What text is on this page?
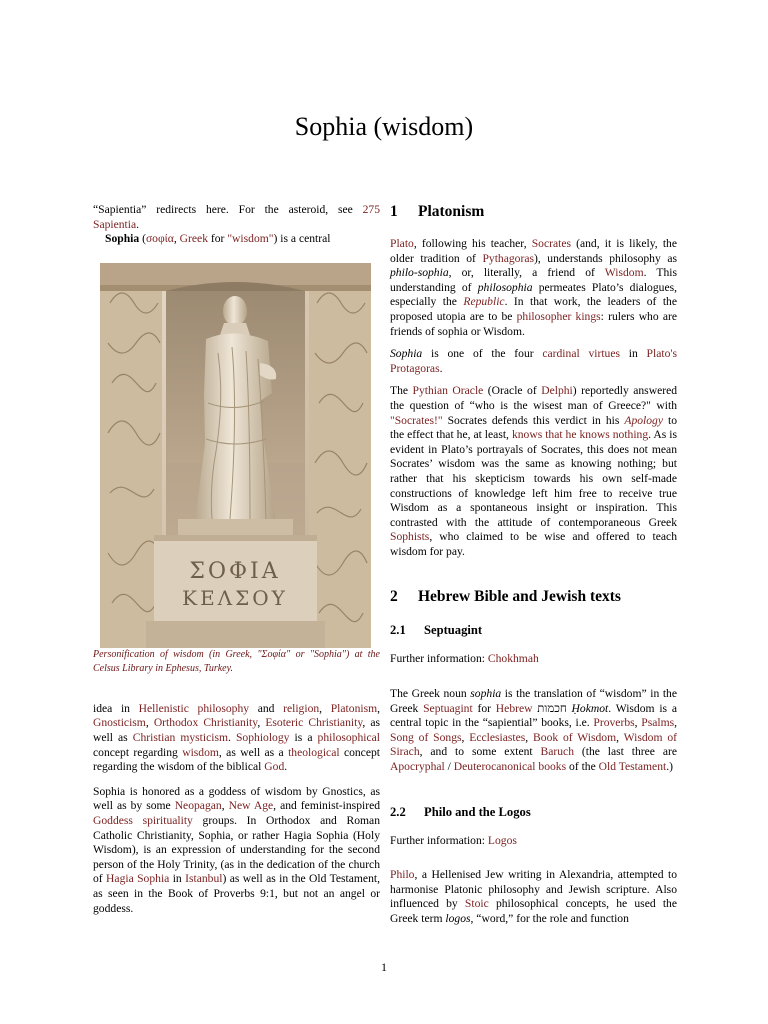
Sophia (wisdom)

“Sapientia” redirects here. For the asteroid, see 275 Sapientia.

Sophia (σοφία, Greek for "wisdom") is a central

ΣΟΦΙΑ
ΚΕΛΣΟΥ

Personification of wisdom (in Greek, "Σοφία" or "Sophia") at the Celsus Library in Ephesus, Turkey.

idea in Hellenistic philosophy and religion, Platonism, Gnosticism, Orthodox Christianity, Esoteric Christianity, as well as Christian mysticism. Sophiology is a philosophical concept regarding wisdom, as well as a theological concept regarding the wisdom of the biblical God.

Sophia is honored as a goddess of wisdom by Gnostics, as well as by some Neopagan, New Age, and feminist-inspired Goddess spirituality groups. In Orthodox and Roman Catholic Christianity, Sophia, or rather Hagia Sophia (Holy Wisdom), is an expression of understanding for the second person of the Holy Trinity, (as in the dedication of the church of Hagia Sophia in Istanbul) as well as in the Old Testament, as seen in the Book of Proverbs 9:1, but not an angel or goddess.

1 Platonism

Plato, following his teacher, Socrates (and, it is likely, the older tradition of Pythagoras), understands philosophy as philo-sophia, or, literally, a friend of Wisdom. This understanding of philosophia permeates Plato’s dialogues, especially the Republic. In that work, the leaders of the proposed utopia are to be philosopher kings: rulers who are friends of sophia or Wisdom.

Sophia is one of the four cardinal virtues in Plato's Protagoras.

The Pythian Oracle (Oracle of Delphi) reportedly answered the question of “who is the wisest man of Greece?" with "Socrates!" Socrates defends this verdict in his Apology to the effect that he, at least, knows that he knows nothing. As is evident in Plato’s portrayals of Socrates, this does not mean Socrates’ wisdom was the same as knowing nothing; but rather that his skepticism towards his own self-made constructions of knowledge left him free to receive true Wisdom as a spontaneous insight or inspiration. This contrasted with the attitude of contemporaneous Greek Sophists, who claimed to be wise and offered to teach wisdom for pay.

2 Hebrew Bible and Jewish texts
2.1 Septuagint

Further information: Chokhmah

The Greek noun sophia is the translation of “wisdom” in the Greek Septuagint for Hebrew חכמות Ḥokmot. Wisdom is a central topic in the “sapiential” books, i.e. Proverbs, Psalms, Song of Songs, Ecclesiastes, Book of Wisdom, Wisdom of Sirach, and to some extent Baruch (the last three are Apocryphal / Deuterocanonical books of the Old Testament.)

2.2 Philo and the Logos

Further information: Logos

Philo, a Hellenised Jew writing in Alexandria, attempted to harmonise Platonic philosophy and Jewish scripture. Also influenced by Stoic philosophical concepts, he used the Greek term logos, “word,” for the role and function

1
